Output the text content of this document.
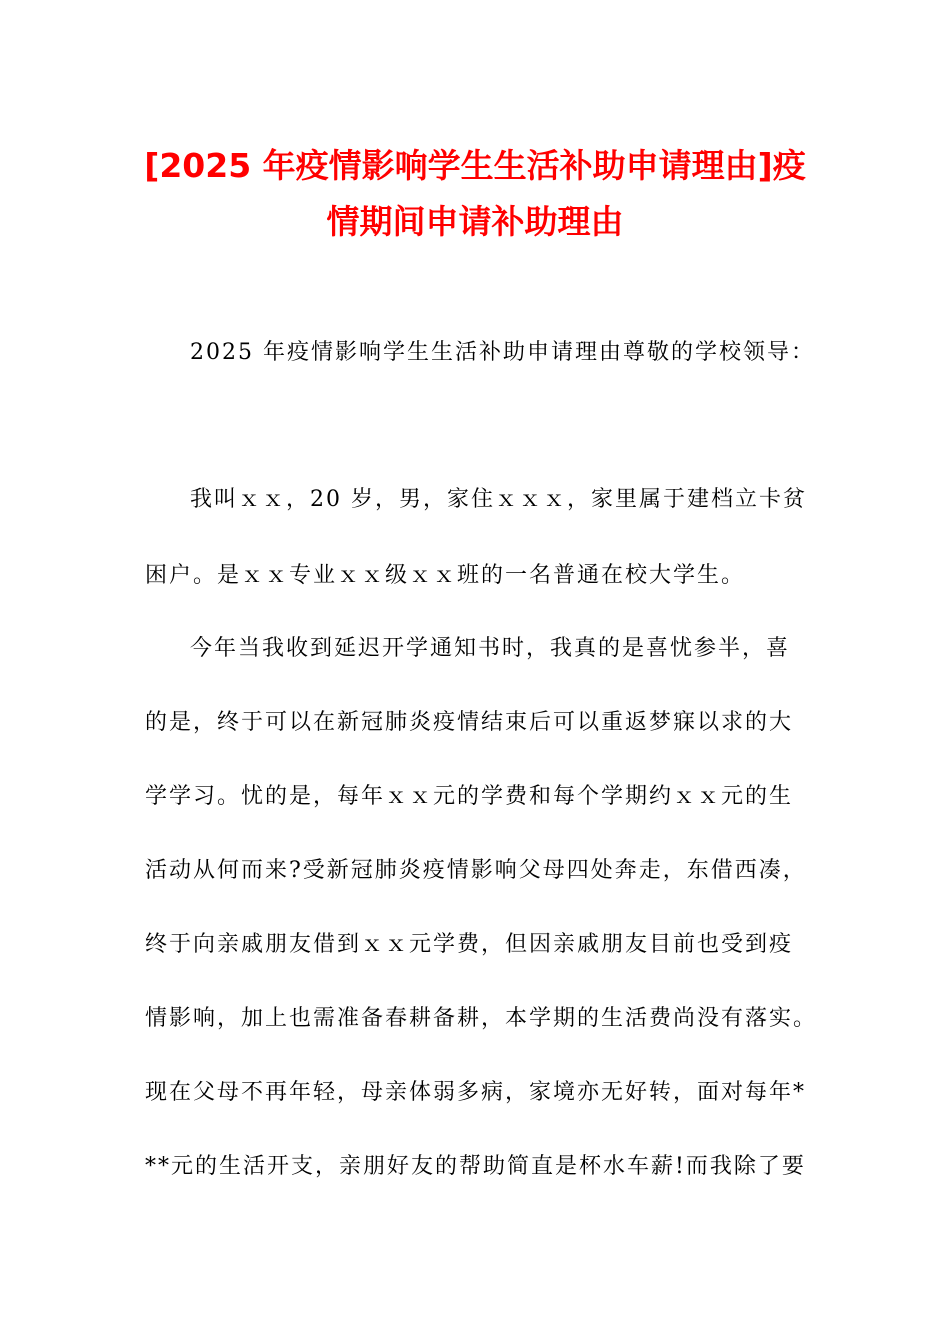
[2025 年疫情影响学生生活补助申请理由]疫
情期间申请补助理由
2025 年疫情影响学生生活补助申请理由尊敬的学校领导：
我叫ｘｘ，20 岁，男，家住ｘｘｘ，家里属于建档立卡贫
困户。是ｘｘ专业ｘｘ级ｘｘ班的一名普通在校大学生。
今年当我收到延迟开学通知书时，我真的是喜忧参半，喜
的是，终于可以在新冠肺炎疫情结束后可以重返梦寐以求的大
学学习。忧的是，每年ｘｘ元的学费和每个学期约ｘｘ元的生
活动从何而来?受新冠肺炎疫情影响父母四处奔走，东借西凑，
终于向亲戚朋友借到ｘｘ元学费，但因亲戚朋友目前也受到疫
情影响，加上也需准备春耕备耕，本学期的生活费尚没有落实。
现在父母不再年轻，母亲体弱多病，家境亦无好转，面对每年*
**元的生活开支，亲朋好友的帮助简直是杯水车薪!而我除了要
